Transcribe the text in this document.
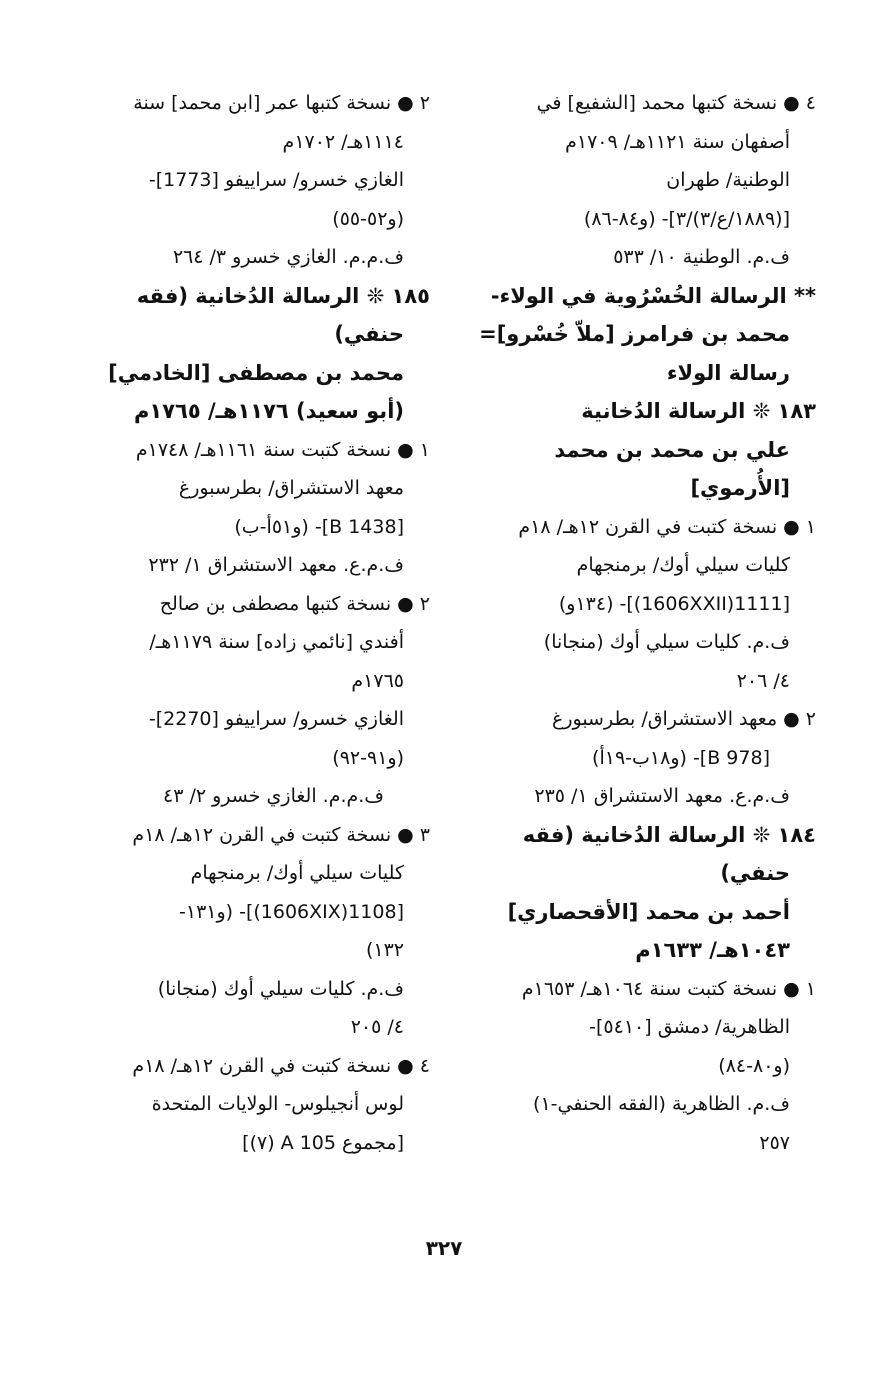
٤ ● نسخة كتبها محمد [الشفيع] في
أصفهان سنة ١١٢١هـ/ ١٧٠٩م
الوطنية/ طهران
[(١٨٨٩/ع/٣)/٣]- (و٨٤-٨٦)
ف.م. الوطنية ١٠/ ٥٣٣
** الرسالة الخُسْرُوية في الولاء-
محمد بن فرامرز [ملاّ خُسْرو]=
رسالة الولاء
١٨٣ ❊ الرسالة الدُخانية
علي بن محمد بن محمد
[الأُرموي]
١ ● نسخة كتبت في القرن ١٢هـ/ ١٨م
كليات سيلي أوك/ برمنجهام
[1111(1606XXII)]- (١٣٤و)
ف.م. كليات سيلي أوك (منجانا)
٤/ ٢٠٦
٢ ● معهد الاستشراق/ بطرسبورغ
[B 978]- (و١٨ب-١٩أ)
ف.م.ع. معهد الاستشراق ١/ ٢٣٥
١٨٤ ❊ الرسالة الدُخانية (فقه
حنفي)
أحمد بن محمد [الأقحصاري]
١٠٤٣هـ/ ١٦٣٣م
١ ● نسخة كتبت سنة ١٠٦٤هـ/ ١٦٥٣م
الظاهرية/ دمشق [٥٤١٠]-
(و٨٠-٨٤)
ف.م. الظاهرية (الفقه الحنفي-١)
٢٥٧
٢ ● نسخة كتبها عمر [ابن محمد] سنة
١١١٤هـ/ ١٧٠٢م
الغازي خسرو/ سراييفو [1773]-
(و٥٢-٥٥)
ف.م.م. الغازي خسرو ٣/ ٢٦٤
١٨٥ ❊ الرسالة الدُخانية (فقه
حنفي)
محمد بن مصطفى [الخادمي]
(أبو سعيد) ١١٧٦هـ/ ١٧٦٥م
١ ● نسخة كتبت سنة ١١٦١هـ/ ١٧٤٨م
معهد الاستشراق/ بطرسبورغ
[B 1438]- (و٥١أ-ب)
ف.م.ع. معهد الاستشراق ١/ ٢٣٢
٢ ● نسخة كتبها مصطفى بن صالح
أفندي [نائمي زاده] سنة ١١٧٩هـ/
١٧٦٥م
الغازي خسرو/ سراييفو [2270]-
(و٩١-٩٢)
ف.م.م. الغازي خسرو ٢/ ٤٣
٣ ● نسخة كتبت في القرن ١٢هـ/ ١٨م
كليات سيلي أوك/ برمنجهام
[1108(1606XIX)]- (و١٣١-
١٣٢)
ف.م. كليات سيلي أوك (منجانا)
٤/ ٢٠٥
٤ ● نسخة كتبت في القرن ١٢هـ/ ١٨م
لوس أنجيلوس- الولايات المتحدة
[مجموع A 105 (٧)]
٣٢٧
